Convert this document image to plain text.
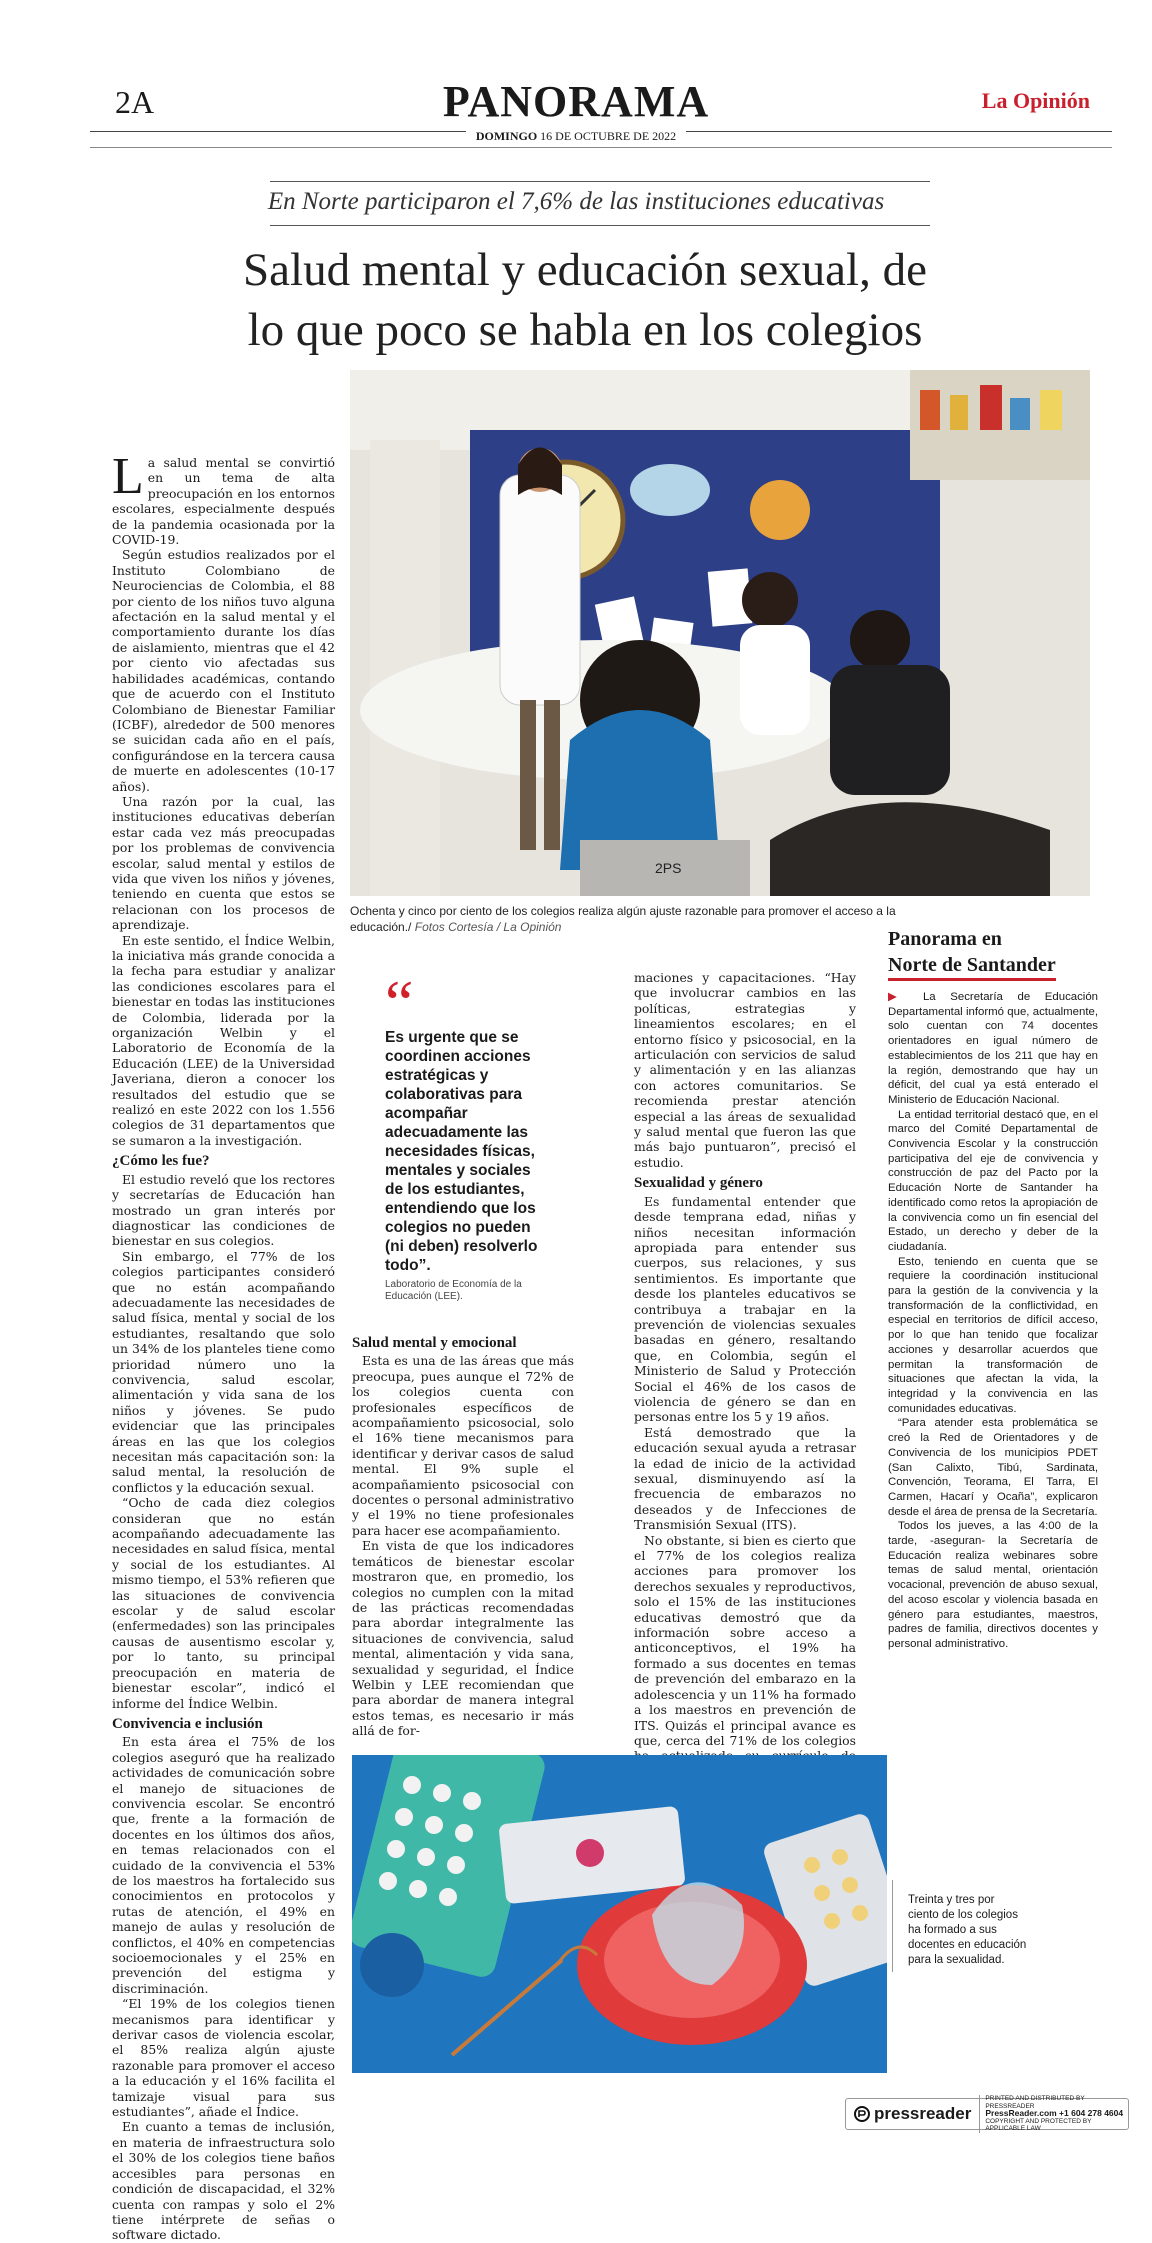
2A	PANORAMA	La Opinión
DOMINGO 16 DE OCTUBRE DE 2022
En Norte participaron el 7,6% de las instituciones educativas
Salud mental y educación sexual, de
lo que poco se habla en los colegios
2PS
Ochenta y cinco por ciento de los colegios realiza algún ajuste razonable para promover el acceso a la educación./ Fotos Cortesía / La Opinión

La salud mental se convirtió en un tema de alta preocupación en los entornos escolares, especialmente después de la pandemia ocasionada por la COVID-19.

Según estudios realizados por el Instituto Colombiano de Neurociencias de Colombia, el 88 por ciento de los niños tuvo alguna afectación en la salud mental y el comportamiento durante los días de aislamiento, mientras que el 42 por ciento vio afectadas sus habilidades académicas, contando que de acuerdo con el Instituto Colombiano de Bienestar Familiar (ICBF), alrededor de 500 menores se suicidan cada año en el país, configurándose en la tercera causa de muerte en adolescentes (10-17 años).

Una razón por la cual, las instituciones educativas deberían estar cada vez más preocupadas por los problemas de convivencia escolar, salud mental y estilos de vida que viven los niños y jóvenes, teniendo en cuenta que estos se relacionan con los procesos de aprendizaje.

En este sentido, el Índice Welbin, la iniciativa más grande conocida a la fecha para estudiar y analizar las condiciones escolares para el bienestar en todas las instituciones de Colombia, liderada por la organización Welbin y el Laboratorio de Economía de la Educación (LEE) de la Universidad Javeriana, dieron a conocer los resultados del estudio que se realizó en este 2022 con los 1.556 colegios de 31 departamentos que se sumaron a la investigación.

¿Cómo les fue?

El estudio reveló que los rectores y secretarías de Educación han mostrado un gran interés por diagnosticar las condiciones de bienestar en sus colegios.

Sin embargo, el 77% de los colegios participantes consideró que no están acompañando adecuadamente las necesidades de salud física, mental y social de los estudiantes, resaltando que solo un 34% de los planteles tiene como prioridad número uno la convivencia, salud escolar, alimentación y vida sana de los niños y jóvenes. Se pudo evidenciar que las principales áreas en las que los colegios necesitan más capacitación son: la salud mental, la resolución de conflictos y la educación sexual.

“Ocho de cada diez colegios consideran que no están acompañando adecuadamente las necesidades en salud física, mental y social de los estudiantes. Al mismo tiempo, el 53% refieren que las situaciones de convivencia escolar y de salud escolar (enfermedades) son las principales causas de ausentismo escolar y, por lo tanto, su principal preocupación en materia de bienestar escolar”, indicó el informe del Índice Welbin.

Convivencia e inclusión

En esta área el 75% de los colegios aseguró que ha realizado actividades de comunicación sobre el manejo de situaciones de convivencia escolar. Se encontró que, frente a la formación de docentes en los últimos dos años, en temas relacionados con el cuidado de la convivencia el 53% de los maestros ha fortalecido sus conocimientos en protocolos y rutas de atención, el 49% en manejo de aulas y resolución de conflictos, el 40% en competencias socioemocionales y el 25% en prevención del estigma y discriminación.

“El 19% de los colegios tienen mecanismos para identificar y derivar casos de violencia escolar, el 85% realiza algún ajuste razonable para promover el acceso a la educación y el 16% facilita el tamizaje visual para sus estudiantes”, añade el Índice.

En cuanto a temas de inclusión, en materia de infraestructura solo el 30% de los colegios tiene baños accesibles para personas en condición de discapacidad, el 32% cuenta con rampas y solo el 2% tiene intérprete de señas o software dictado.

“
Es urgente que se coordinen acciones estratégicas y colaborativas para acompañar adecuadamente las necesidades físicas, mentales y sociales de los estudiantes, entendiendo que los colegios no pueden (ni deben) resolverlo todo”.
Laboratorio de Economía de la Educación (LEE).
Salud mental y emocional

Esta es una de las áreas que más preocupa, pues aunque el 72% de los colegios cuenta con profesionales específicos de acompañamiento psicosocial, solo el 16% tiene mecanismos para identificar y derivar casos de salud mental. El 9% suple el acompañamiento psicosocial con docentes o personal administrativo y el 19% no tiene profesionales para hacer ese acompañamiento.

En vista de que los indicadores temáticos de bienestar escolar mostraron que, en promedio, los colegios no cumplen con la mitad de las prácticas recomendadas para abordar integralmente las situaciones de convivencia, salud mental, alimentación y vida sana, sexualidad y seguridad, el Índice Welbin y LEE recomiendan que para abordar de manera integral estos temas, es necesario ir más allá de for-

maciones y capacitaciones. “Hay que involucrar cambios en las políticas, estrategias y lineamientos escolares; en el entorno físico y psicosocial, en la articulación con servicios de salud y alimentación y en las alianzas con actores comunitarios. Se recomienda prestar atención especial a las áreas de sexualidad y salud mental que fueron las que más bajo puntuaron”, precisó el estudio.

Sexualidad y género

Es fundamental entender que desde temprana edad, niñas y niños necesitan información apropiada para entender sus cuerpos, sus relaciones, y sus sentimientos. Es importante que desde los planteles educativos se contribuya a trabajar en la prevención de violencias sexuales basadas en género, resaltando que, en Colombia, según el Ministerio de Salud y Protección Social el 46% de los casos de violencia de género se dan en personas entre los 5 y 19 años.

Está demostrado que la educación sexual ayuda a retrasar la edad de inicio de la actividad sexual, disminuyendo así la frecuencia de embarazos no deseados y de Infecciones de Transmisión Sexual (ITS).

No obstante, si bien es cierto que el 77% de los colegios realiza acciones para promover los derechos sexuales y reproductivos, solo el 15% de las instituciones educativas demostró que da información sobre acceso a anticonceptivos, el 19% ha formado a sus docentes en temas de prevención del embarazo en la adolescencia y un 11% ha formado a los maestros en prevención de ITS. Quizás el principal avance es que, cerca del 71% de los colegios

Panorama en
Norte de Santander

▶ La Secretaría de Educación Departamental informó que, actualmente, solo cuentan con 74 docentes orientadores en igual número de establecimientos de los 211 que hay en la región, demostrando que hay un déficit, del cual ya está enterado el Ministerio de Educación Nacional.

La entidad territorial destacó que, en el marco del Comité Departamental de Convivencia Escolar y la construcción participativa del eje de convivencia y construcción de paz del Pacto por la Educación Norte de Santander ha identificado como retos la apropiación de la convivencia como un fin esencial del Estado, un derecho y deber de la ciudadanía.

Esto, teniendo en cuenta que se requiere la coordinación institucional para la gestión de la convivencia y la transformación de la conflictividad, en especial en territorios de difícil acceso, por lo que han tenido que focalizar acciones y desarrollar acuerdos que permitan la transformación de situaciones que afectan la vida, la integridad y la convivencia en las comunidades educativas.

“Para atender esta problemática se creó la Red de Orientadores y de Convivencia de los municipios PDET (San Calixto, Tibú, Sardinata, Convención, Teorama, El Tarra, El Carmen, Hacarí y Ocaña”, explicaron desde el área de prensa de la Secretaría.

Todos los jueves, a las 4:00 de la tarde, -aseguran- la Secretaría de Educación realiza webinares sobre temas de salud mental, orientación vocacional, prevención de abuso sexual, del acoso escolar y violencia basada en género para estudiantes, maestros, padres de familia, directivos docentes y personal administrativo.

Treinta y tres por ciento de los colegios ha formado a sus docentes en educación para la sexualidad.
pressreader
PRINTED AND DISTRIBUTED BY PRESSREADER
PressReader.com +1 604 278 4604
COPYRIGHT AND PROTECTED BY APPLICABLE LAW
